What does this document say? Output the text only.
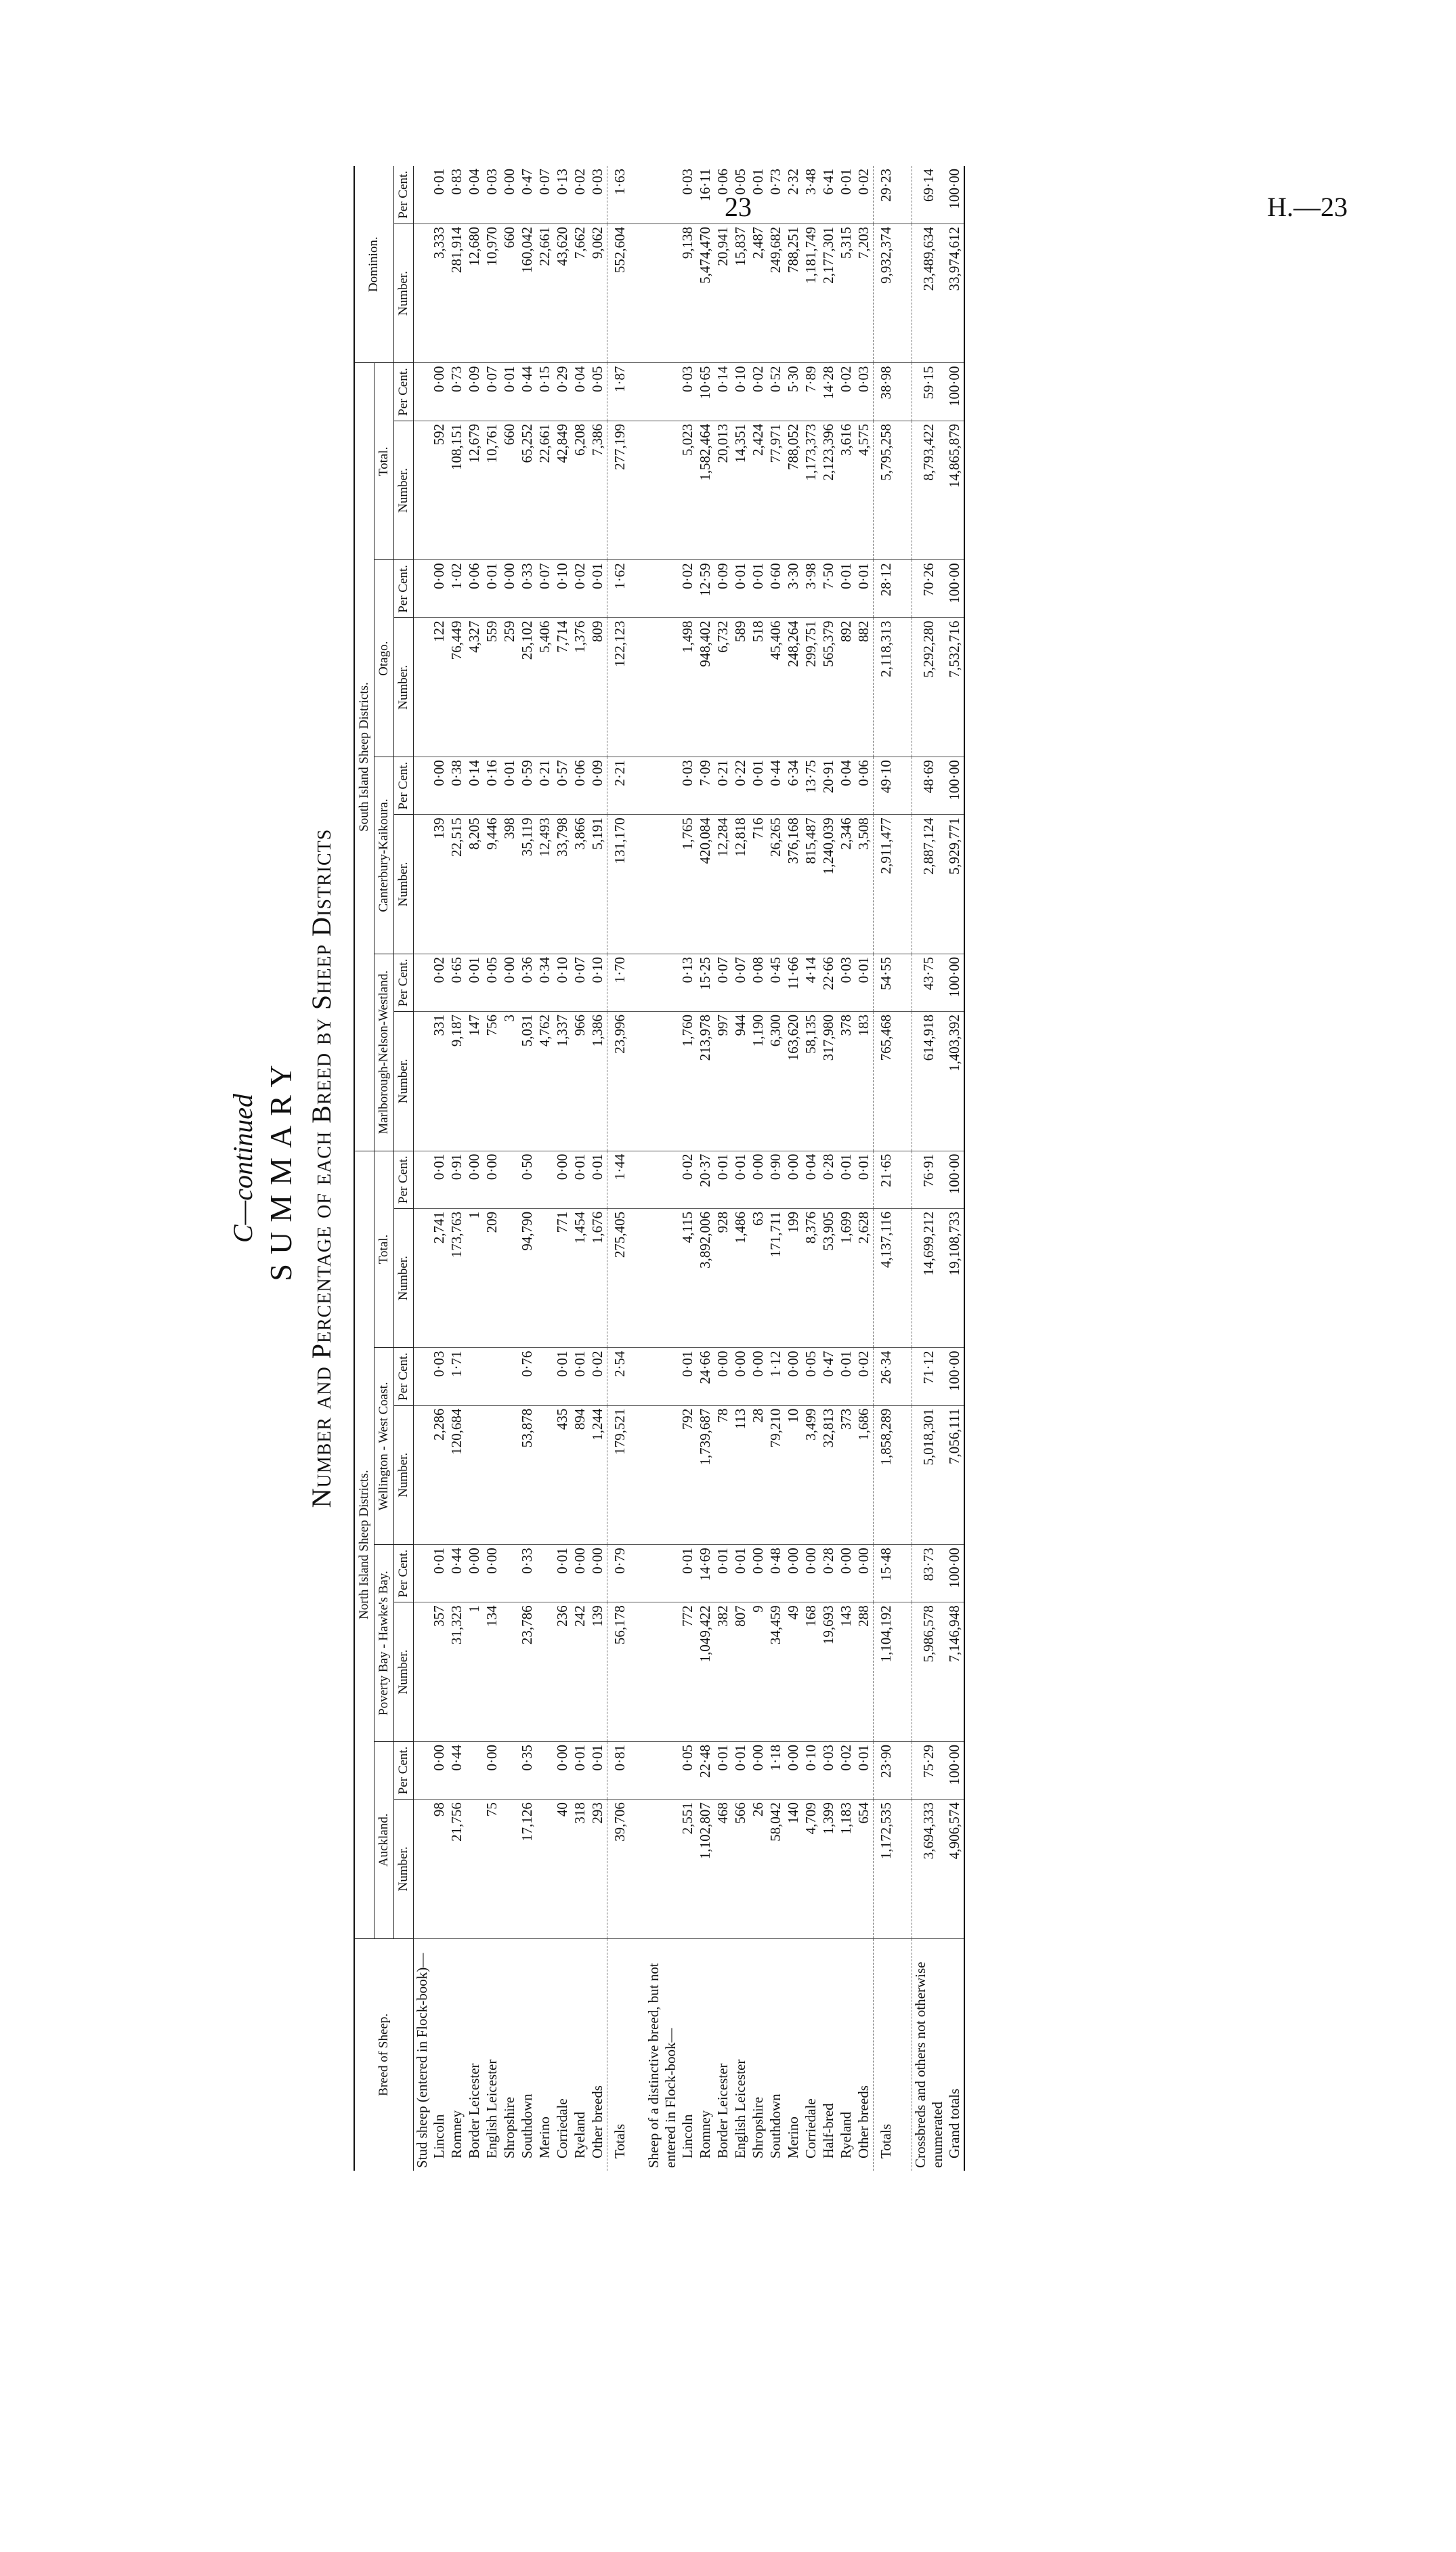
23	H.—23
C—continued SUMMARY Number and Percentage of each Breed by Sheep Districts
Breed of Sheep.	North Island Sheep Districts.								South Island Sheep Districts.								Dominion.	
	Auckland.		Poverty Bay - Hawke's Bay.		Wellington - West Coast.		Total.		Marlborough-Nelson-Westland.		Canterbury-Kaikoura.		Otago.		Total.			
	Number.	Per Cent.	Number.	Per Cent.	Number.	Per Cent.	Number.	Per Cent.	Number.	Per Cent.	Number.	Per Cent.	Number.	Per Cent.	Number.	Per Cent.	Number.	Per Cent.
Stud sheep (entered in Flock-book)—																		
Lincoln	98	0·00	357	0·01	2,286	0·03	2,741	0·01	331	0·02	139	0·00	122	0·00	592	0·00	3,333	0·01
Romney	21,756	0·44	31,323	0·44	120,684	1·71	173,763	0·91	9,187	0·65	22,515	0·38	76,449	1·02	108,151	0·73	281,914	0·83
Border Leicester			1	0·00			1	0·00	147	0·01	8,205	0·14	4,327	0·06	12,679	0·09	12,680	0·04
English Leicester	75	0·00	134	0·00			209	0·00	756	0·05	9,446	0·16	559	0·01	10,761	0·07	10,970	0·03
Shropshire									3	0·00	398	0·01	259	0·00	660	0·01	660	0·00
Southdown	17,126	0·35	23,786	0·33	53,878	0·76	94,790	0·50	5,031	0·36	35,119	0·59	25,102	0·33	65,252	0·44	160,042	0·47
Merino									4,762	0·34	12,493	0·21	5,406	0·07	22,661	0·15	22,661	0·07
Corriedale	40	0·00	236	0·01	435	0·01	771	0·00	1,337	0·10	33,798	0·57	7,714	0·10	42,849	0·29	43,620	0·13
Ryeland	318	0·01	242	0·00	894	0·01	1,454	0·01	966	0·07	3,866	0·06	1,376	0·02	6,208	0·04	7,662	0·02
Other breeds	293	0·01	139	0·00	1,244	0·02	1,676	0·01	1,386	0·10	5,191	0·09	809	0·01	7,386	0·05	9,062	0·03
Totals	39,706	0·81	56,178	0·79	179,521	2·54	275,405	1·44	23,996	1·70	131,170	2·21	122,123	1·62	277,199	1·87	552,604	1·63

Sheep of a distinctive breed, but not entered in Flock-book—																		
Lincoln	2,551	0·05	772	0·01	792	0·01	4,115	0·02	1,760	0·13	1,765	0·03	1,498	0·02	5,023	0·03	9,138	0·03
Romney	1,102,807	22·48	1,049,422	14·69	1,739,687	24·66	3,892,006	20·37	213,978	15·25	420,084	7·09	948,402	12·59	1,582,464	10·65	5,474,470	16·11
Border Leicester	468	0·01	382	0·01	78	0·00	928	0·01	997	0·07	12,284	0·21	6,732	0·09	20,013	0·14	20,941	0·06
English Leicester	566	0·01	807	0·01	113	0·00	1,486	0·01	944	0·07	12,818	0·22	589	0·01	14,351	0·10	15,837	0·05
Shropshire	26	0·00	9	0·00	28	0·00	63	0·00	1,190	0·08	716	0·01	518	0·01	2,424	0·02	2,487	0·01
Southdown	58,042	1·18	34,459	0·48	79,210	1·12	171,711	0·90	6,300	0·45	26,265	0·44	45,406	0·60	77,971	0·52	249,682	0·73
Merino	140	0·00	49	0·00	10	0·00	199	0·00	163,620	11·66	376,168	6·34	248,264	3·30	788,052	5·30	788,251	2·32
Corriedale	4,709	0·10	168	0·00	3,499	0·05	8,376	0·04	58,135	4·14	815,487	13·75	299,751	3·98	1,173,373	7·89	1,181,749	3·48
Half-bred	1,399	0·03	19,693	0·28	32,813	0·47	53,905	0·28	317,980	22·66	1,240,039	20·91	565,379	7·50	2,123,396	14·28	2,177,301	6·41
Ryeland	1,183	0·02	143	0·00	373	0·01	1,699	0·01	378	0·03	2,346	0·04	892	0·01	3,616	0·02	5,315	0·01
Other breeds	654	0·01	288	0·00	1,686	0·02	2,628	0·01	183	0·01	3,508	0·06	882	0·01	4,575	0·03	7,203	0·02
Totals	1,172,535	23·90	1,104,192	15·48	1,858,289	26·34	4,137,116	21·65	765,468	54·55	2,911,477	49·10	2,118,313	28·12	5,795,258	38·98	9,932,374	29·23

Crossbreds and others not otherwise enumerated	3,694,333	75·29	5,986,578	83·73	5,018,301	71·12	14,699,212	76·91	614,918	43·75	2,887,124	48·69	5,292,280	70·26	8,793,422	59·15	23,489,634	69·14
Grand totals	4,906,574	100·00	7,146,948	100·00	7,056,111	100·00	19,108,733	100·00	1,403,392	100·00	5,929,771	100·00	7,532,716	100·00	14,865,879	100·00	33,974,612	100·00
